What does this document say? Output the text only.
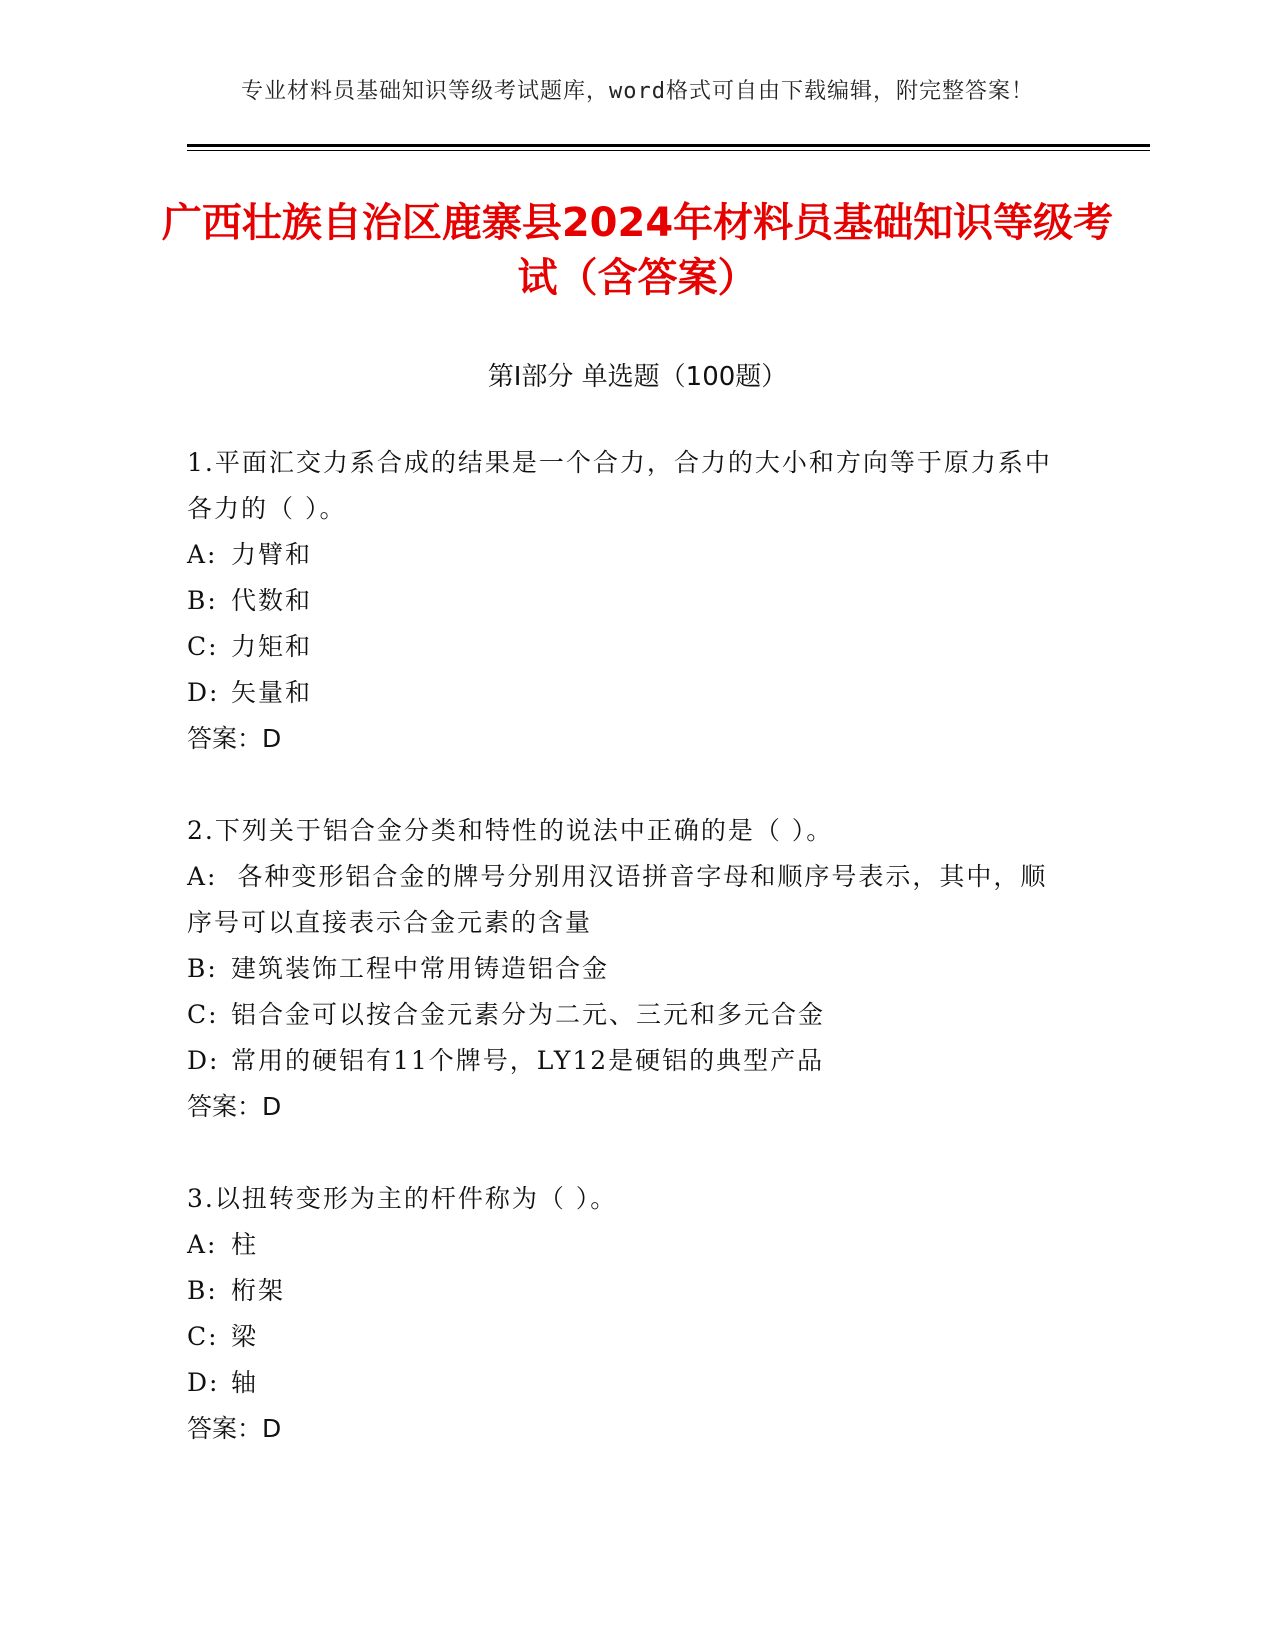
专业材料员基础知识等级考试题库，word格式可自由下载编辑，附完整答案！
广西壮族自治区鹿寨县2024年材料员基础知识等级考试（含答案）
第Ⅰ部分 单选题（100题）
1.平面汇交力系合成的结果是一个合力，合力的大小和方向等于原力系中各力的（ ）。
A: 力臂和
B: 代数和
C: 力矩和
D: 矢量和
答案：D
2.下列关于铝合金分类和特性的说法中正确的是（ ）。
A: 各种变形铝合金的牌号分别用汉语拼音字母和顺序号表示，其中，顺序号可以直接表示合金元素的含量
B: 建筑装饰工程中常用铸造铝合金
C: 铝合金可以按合金元素分为二元、三元和多元合金
D: 常用的硬铝有11个牌号，LY12是硬铝的典型产品
答案：D
3.以扭转变形为主的杆件称为（ ）。
A: 柱
B: 桁架
C: 梁
D: 轴
答案：D
